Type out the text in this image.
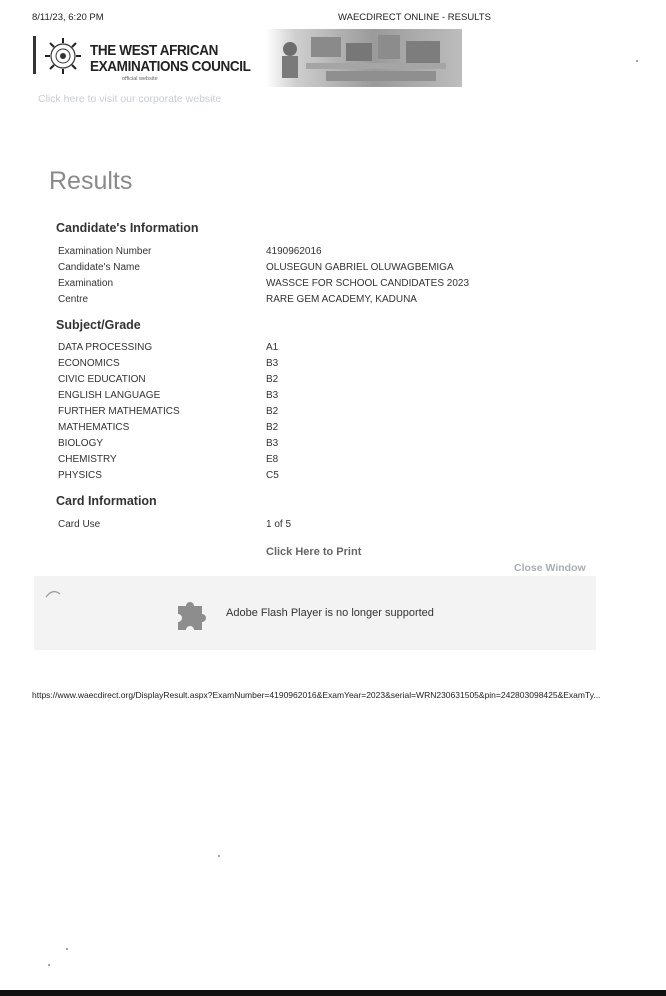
8/11/23, 6:20 PM	WAECDIRECT ONLINE - RESULTS
THE WEST AFRICAN
EXAMINATIONS COUNCIL
official website
Click here to visit our corporate website
Results
Candidate's Information
Examination Number	4190962016
Candidate's Name	OLUSEGUN GABRIEL OLUWAGBEMIGA
Examination	WASSCE FOR SCHOOL CANDIDATES 2023
Centre	RARE GEM ACADEMY, KADUNA
Subject/Grade
DATA PROCESSING	A1
ECONOMICS	B3
CIVIC EDUCATION	B2
ENGLISH LANGUAGE	B3
FURTHER MATHEMATICS	B2
MATHEMATICS	B2
BIOLOGY	B3
CHEMISTRY	E8
PHYSICS	C5
Card Information
Card Use	1 of 5
Click Here to Print
Close Window
Adobe Flash Player is no longer supported
https://www.waecdirect.org/DisplayResult.aspx?ExamNumber=4190962016&ExamYear=2023&serial=WRN230631505&pin=242803098425&ExamTy...
